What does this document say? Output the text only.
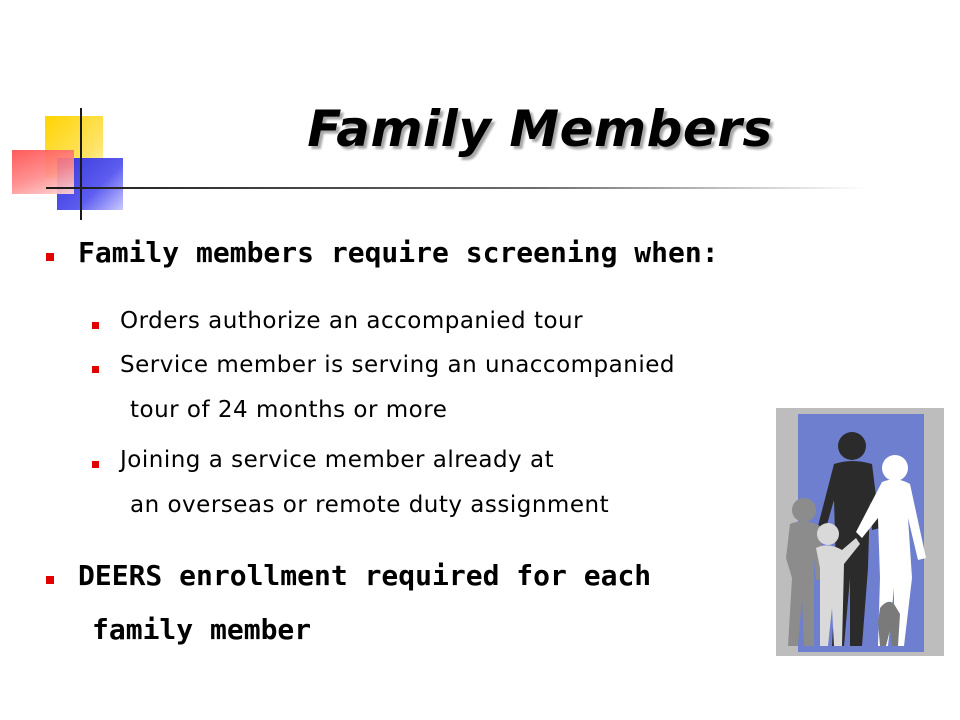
Family Members
Family members require screening when:
Orders authorize an accompanied tour
Service member is serving an unaccompanied
tour of 24 months or more
Joining a service member already at
an overseas or remote duty assignment
DEERS enrollment required for each
family member
